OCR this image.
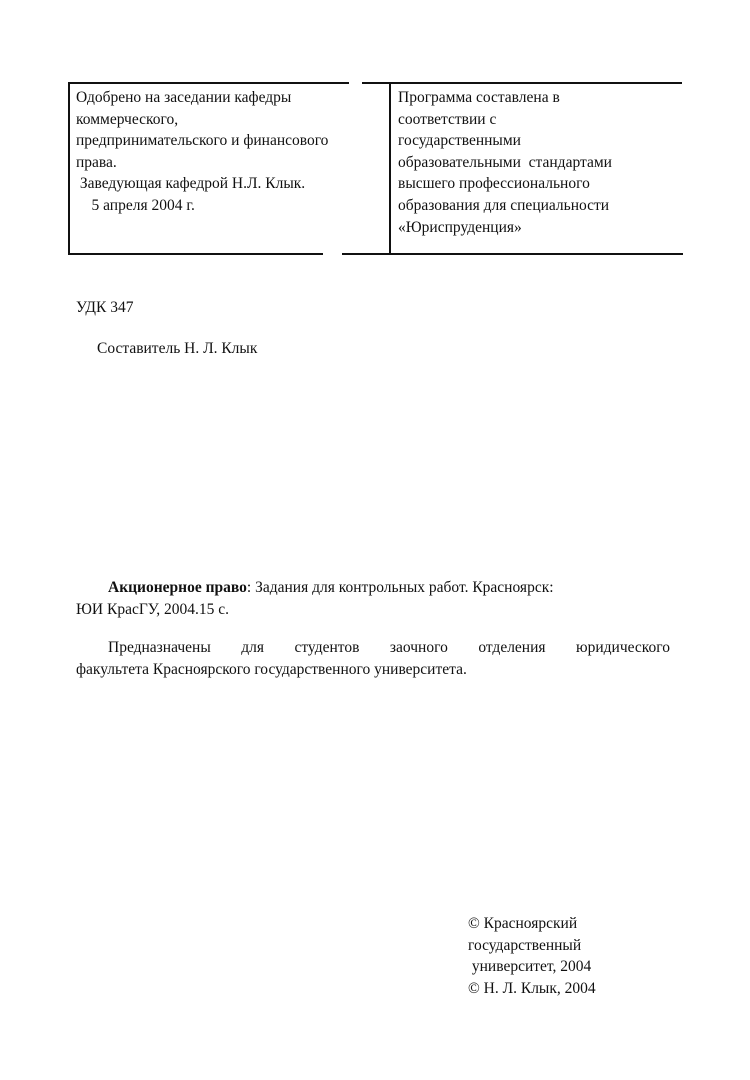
Одобрено на заседании кафедры
коммерческого,
предпринимательского и финансового
права.
Заведующая кафедрой Н.Л. Клык.
5 апреля 2004 г.
Программа составлена в
соответствии с
государственными
образовательными  стандартами
высшего профессионального
образования для специальности
«Юриспруденция»
УДК 347
Составитель Н. Л. Клык
Акционерное право: Задания для контрольных работ. Красноярск:
ЮИ КрасГУ, 2004.15 с.
Предназначены для студентов заочного отделения юридического
факультета Красноярского государственного университета.
© Красноярский
государственный
университет, 2004
© Н. Л. Клык, 2004
